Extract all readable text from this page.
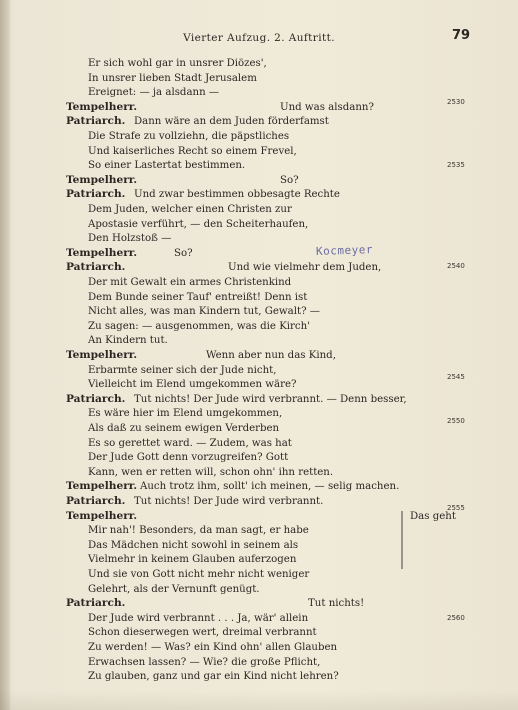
Vierter Aufzug. 2. Auftritt.	79
Er sich wohl gar in unsrer Diözes',
In unsrer lieben Stadt Jerusalem
Ereignet: — ja alsdann —
Tempelherr.	Und was alsdann?
Patriarch. Dann wäre an dem Juden förderfamst
Die Strafe zu vollziehn, die päpstliches
Und kaiserliches Recht so einem Frevel,
So einer Lastertat bestimmen.
Tempelherr.	So?
Patriarch. Und zwar bestimmen obbesagte Rechte
Dem Juden, welcher einen Christen zur
Apostasie verführt, — den Scheiterhaufen,
Den Holzstoß —
Tempelherr.	So?
Patriarch.	Und wie vielmehr dem Juden,
Der mit Gewalt ein armes Christenkind
Dem Bunde seiner Tauf' entreißt! Denn ist
Nicht alles, was man Kindern tut, Gewalt? —
Zu sagen: — ausgenommen, was die Kirch'
An Kindern tut.
Tempelherr.	Wenn aber nun das Kind,
Erbarmte seiner sich der Jude nicht,
Vielleicht im Elend umgekommen wäre?
Patriarch. Tut nichts! Der Jude wird verbrannt. — Denn besser,
Es wäre hier im Elend umgekommen,
Als daß zu seinem ewigen Verderben
Es so gerettet ward. — Zudem, was hat
Der Jude Gott denn vorzugreifen? Gott
Kann, wen er retten will, schon ohn' ihn retten.
Tempelherr. Auch trotz ihm, sollt' ich meinen, — selig machen.
Patriarch. Tut nichts! Der Jude wird verbrannt.
Tempelherr.	Das geht
Mir nah'! Besonders, da man sagt, er habe
Das Mädchen nicht sowohl in seinem als
Vielmehr in keinem Glauben auferzogen
Und sie von Gott nicht mehr nicht weniger
Gelehrt, als der Vernunft genügt.
Patriarch.	Tut nichts!
Der Jude wird verbrannt . . . Ja, wär' allein
Schon dieserwegen wert, dreimal verbrannt
Zu werden! — Was? ein Kind ohn' allen Glauben
Erwachsen lassen? — Wie? die große Pflicht,
Zu glauben, ganz und gar ein Kind nicht lehren?
2530
2535
2540
2545
2550
2555
2560
Kocmeyer
